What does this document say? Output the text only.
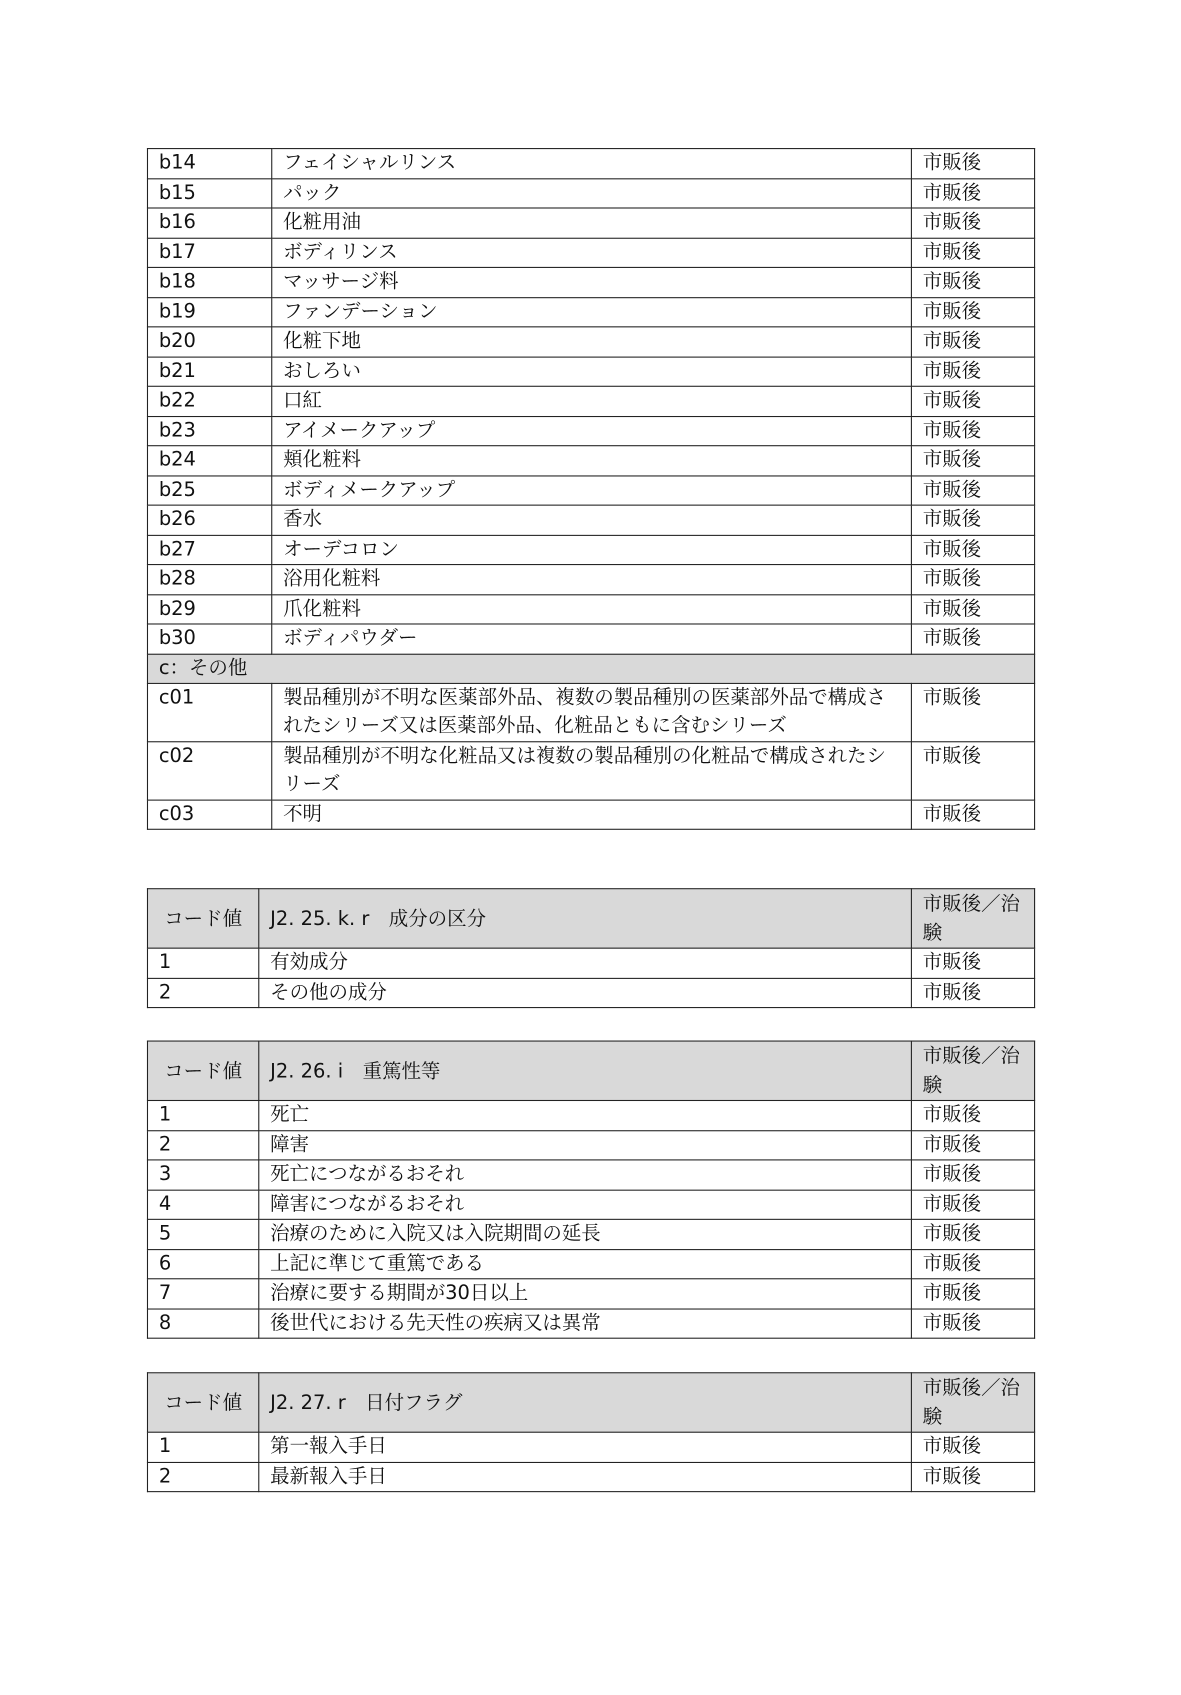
b14	フェイシャルリンス	市販後
b15	パック	市販後
b16	化粧用油	市販後
b17	ボディリンス	市販後
b18	マッサージ料	市販後
b19	ファンデーション	市販後
b20	化粧下地	市販後
b21	おしろい	市販後
b22	口紅	市販後
b23	アイメークアップ	市販後
b24	頬化粧料	市販後
b25	ボディメークアップ	市販後
b26	香水	市販後
b27	オーデコロン	市販後
b28	浴用化粧料	市販後
b29	爪化粧料	市販後
b30	ボディパウダー	市販後
c：その他		
c01	製品種別が不明な医薬部外品、複数の製品種別の医薬部外品で構成されたシリーズ又は医薬部外品、化粧品ともに含むシリーズ	市販後
c02	製品種別が不明な化粧品又は複数の製品種別の化粧品で構成されたシリーズ	市販後
c03	不明	市販後
コード値	J2. 25. k. r　成分の区分	市販後／治験
1	有効成分	市販後
2	その他の成分	市販後
コード値	J2. 26. i　重篤性等	市販後／治験
1	死亡	市販後
2	障害	市販後
3	死亡につながるおそれ	市販後
4	障害につながるおそれ	市販後
5	治療のために入院又は入院期間の延長	市販後
6	上記に準じて重篤である	市販後
7	治療に要する期間が30日以上	市販後
8	後世代における先天性の疾病又は異常	市販後
コード値	J2. 27. r　日付フラグ	市販後／治験
1	第一報入手日	市販後
2	最新報入手日	市販後
